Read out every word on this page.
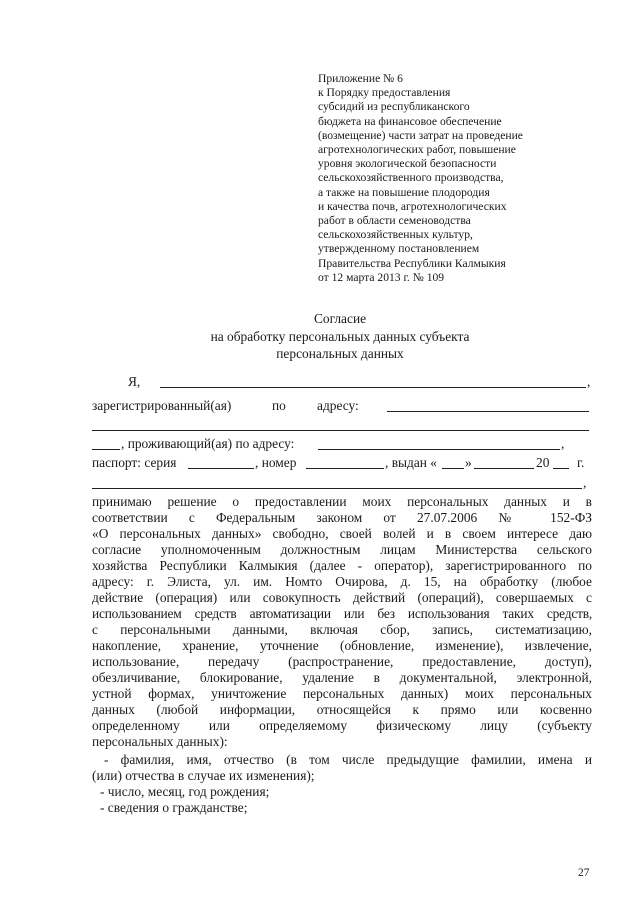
Приложение № 6
к Порядку предоставления
субсидий из республиканского
бюджета на финансовое обеспечение
(возмещение) части затрат на проведение
агротехнологических работ, повышение
уровня экологической безопасности
сельскохозяйственного производства,
а также на повышение плодородия
и качества почв, агротехнологических
работ в области семеноводства
сельскохозяйственных культур,
утвержденному постановлением
Правительства Республики Калмыкия
от 12 марта 2013 г. № 109
Согласие
на обработку персональных данных субъекта
персональных данных
Я,	,
зарегистрированный(ая)	по адресу:
, проживающий(ая) по адресу:	,
паспорт: серия	, номер	, выдан « »	20 г.
,
принимаю решение о предоставлении моих персональных данных и в
соответствии с Федеральным законом от 27.07.2006 № 152-ФЗ
«О персональных данных» свободно, своей волей и в своем интересе даю
согласие уполномоченным должностным лицам Министерства сельского
хозяйства Республики Калмыкия (далее - оператор), зарегистрированного по
адресу: г. Элиста, ул. им. Номто Очирова, д. 15, на обработку (любое
действие (операция) или совокупность действий (операций), совершаемых с
использованием средств автоматизации или без использования таких средств,
с персональными данными, включая сбор, запись, систематизацию,
накопление, хранение, уточнение (обновление, изменение), извлечение,
использование, передачу (распространение, предоставление, доступ),
обезличивание, блокирование, удаление в документальной, электронной,
устной формах, уничтожение персональных данных) моих персональных
данных (любой информации, относящейся к прямо или косвенно
определенному или определяемому физическому лицу (субъекту
персональных данных):
- фамилия, имя, отчество (в том числе предыдущие фамилии, имена и
(или) отчества в случае их изменения);
- число, месяц, год рождения;
- сведения о гражданстве;
27
